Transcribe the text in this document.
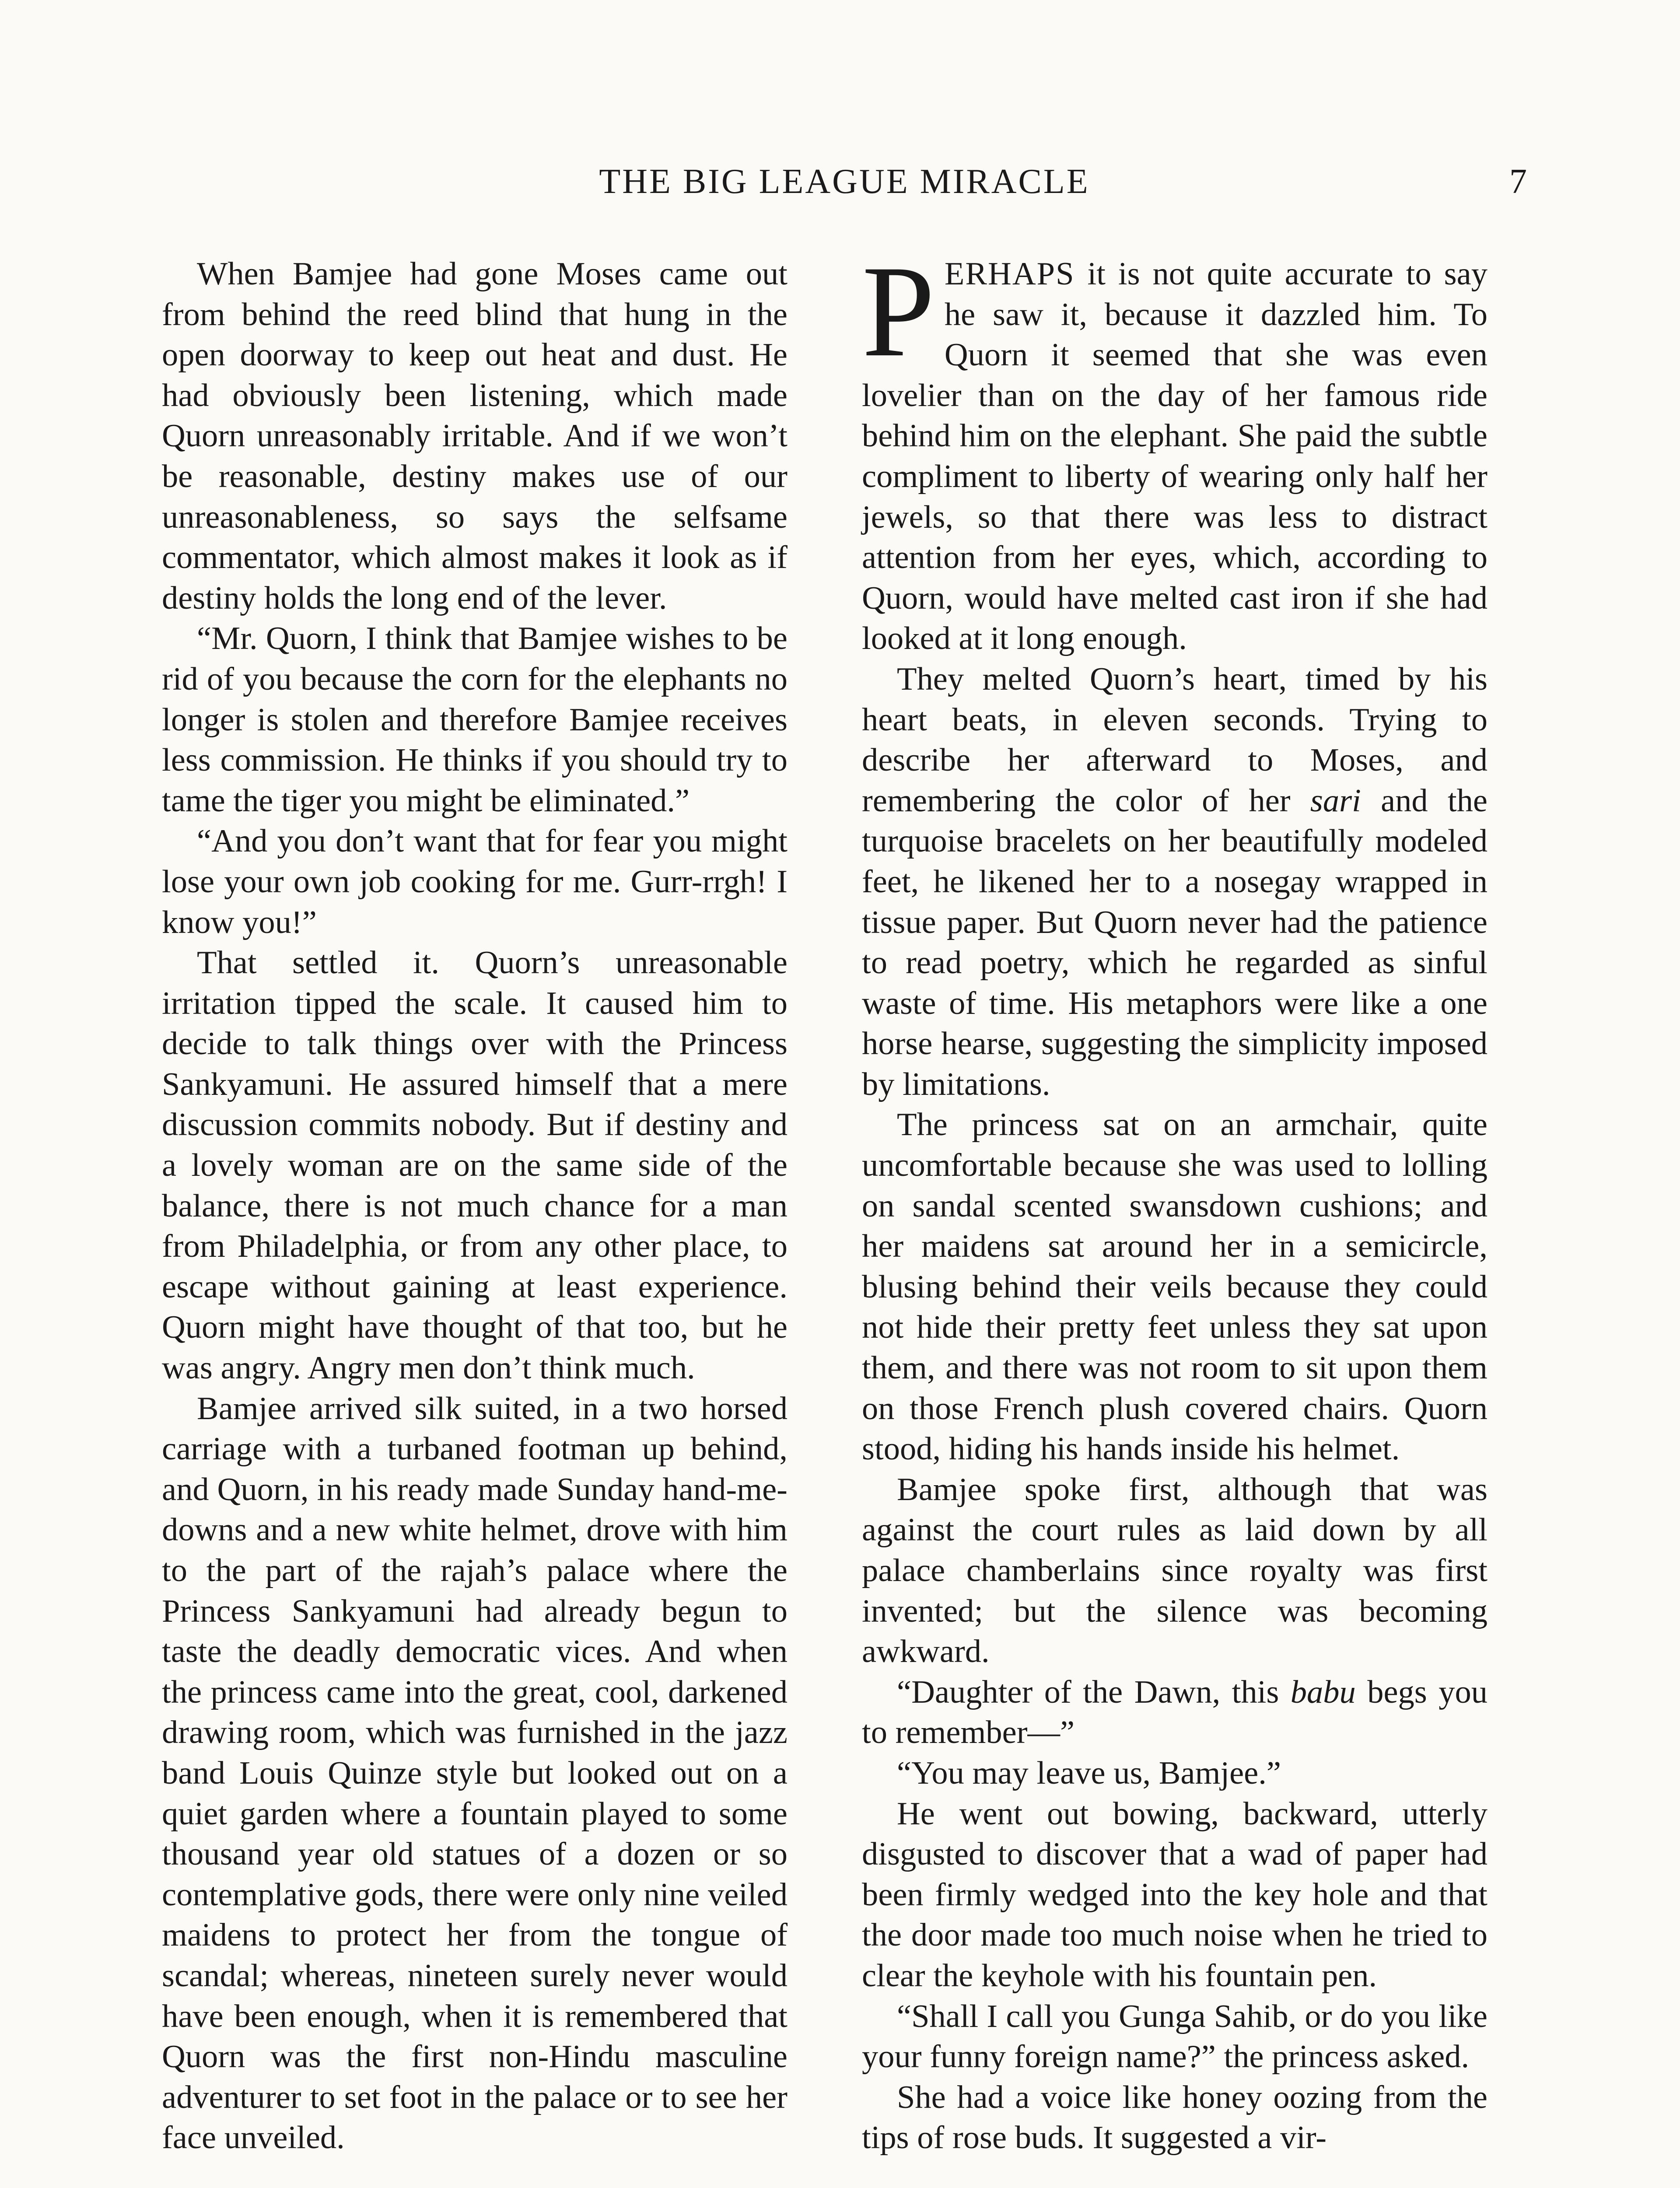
THE BIG LEAGUE MIRACLE	7

When Bamjee had gone Moses came out from behind the reed blind that hung in the open doorway to keep out heat and dust. He had obviously been listening, which made Quorn unreasonably irritable. And if we won’t be reasonable, destiny makes use of our unreasonableness, so says the selfsame commentator, which almost makes it look as if destiny holds the long end of the lever.

“Mr. Quorn, I think that Bamjee wishes to be rid of you because the corn for the elephants no longer is stolen and therefore Bamjee receives less commission. He thinks if you should try to tame the tiger you might be eliminated.”

“And you don’t want that for fear you might lose your own job cooking for me. Gurr-rrgh! I know you!”

That settled it. Quorn’s unreasonable irritation tipped the scale. It caused him to decide to talk things over with the Princess Sankyamuni. He assured himself that a mere discussion commits nobody. But if destiny and a lovely woman are on the same side of the balance, there is not much chance for a man from Philadelphia, or from any other place, to escape without gaining at least experience. Quorn might have thought of that too, but he was angry. Angry men don’t think much.

Bamjee arrived silk suited, in a two horsed carriage with a turbaned footman up behind, and Quorn, in his ready made Sunday hand-me-downs and a new white helmet, drove with him to the part of the rajah’s palace where the Princess Sankyamuni had already begun to taste the deadly democratic vices. And when the princess came into the great, cool, darkened drawing room, which was furnished in the jazz band Louis Quinze style but looked out on a quiet garden where a fountain played to some thousand year old statues of a dozen or so contemplative gods, there were only nine veiled maidens to protect her from the tongue of scandal; whereas, nineteen surely never would have been enough, when it is remembered that Quorn was the first non-Hindu masculine adventurer to set foot in the palace or to see her face unveiled.

PERHAPS it is not quite accurate to say he saw it, because it dazzled him. To Quorn it seemed that she was even lovelier than on the day of her famous ride behind him on the elephant. She paid the subtle compliment to liberty of wearing only half her jewels, so that there was less to distract attention from her eyes, which, according to Quorn, would have melted cast iron if she had looked at it long enough.

They melted Quorn’s heart, timed by his heart beats, in eleven seconds. Trying to describe her afterward to Moses, and remembering the color of her sari and the turquoise bracelets on her beautifully modeled feet, he likened her to a nosegay wrapped in tissue paper. But Quorn never had the patience to read poetry, which he regarded as sinful waste of time. His metaphors were like a one horse hearse, suggesting the simplicity imposed by limitations.

The princess sat on an armchair, quite uncomfortable because she was used to lolling on sandal scented swansdown cushions; and her maidens sat around her in a semicircle, blusing behind their veils because they could not hide their pretty feet unless they sat upon them, and there was not room to sit upon them on those French plush covered chairs. Quorn stood, hiding his hands inside his helmet.

Bamjee spoke first, although that was against the court rules as laid down by all palace chamberlains since royalty was first invented; but the silence was becoming awkward.

“Daughter of the Dawn, this babu begs you to remember—”

“You may leave us, Bamjee.”

He went out bowing, backward, utterly disgusted to discover that a wad of paper had been firmly wedged into the key hole and that the door made too much noise when he tried to clear the keyhole with his fountain pen.

“Shall I call you Gunga Sahib, or do you like your funny foreign name?” the princess asked.

She had a voice like honey oozing from the tips of rose buds. It suggested a vir-
